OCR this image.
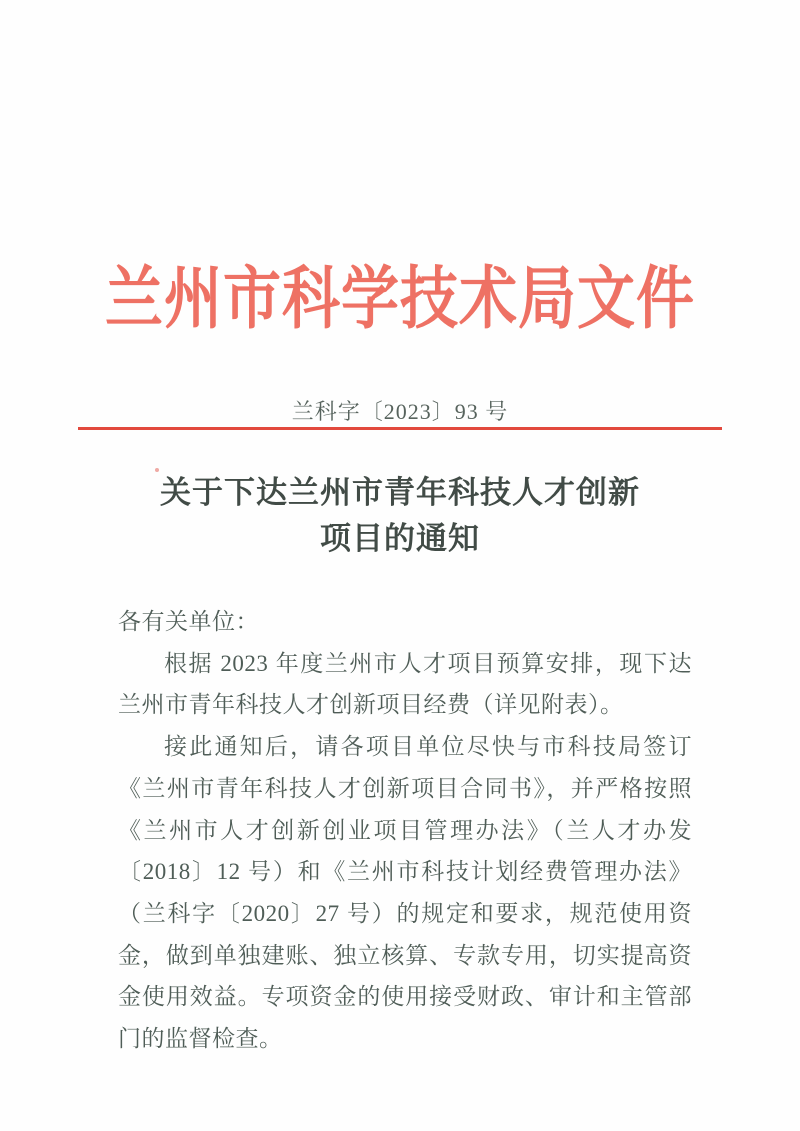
兰州市科学技术局文件
兰科字〔2023〕93 号
关于下达兰州市青年科技人才创新
项目的通知

各有关单位：

根据 2023 年度兰州市人才项目预算安排，现下达兰州市青年科技人才创新项目经费（详见附表）。

接此通知后，请各项目单位尽快与市科技局签订《兰州市青年科技人才创新项目合同书》，并严格按照《兰州市人才创新创业项目管理办法》（兰人才办发〔2018〕12 号）和《兰州市科技计划经费管理办法》（兰科字〔2020〕27 号）的规定和要求，规范使用资金，做到单独建账、独立核算、专款专用，切实提高资金使用效益。专项资金的使用接受财政、审计和主管部门的监督检查。
